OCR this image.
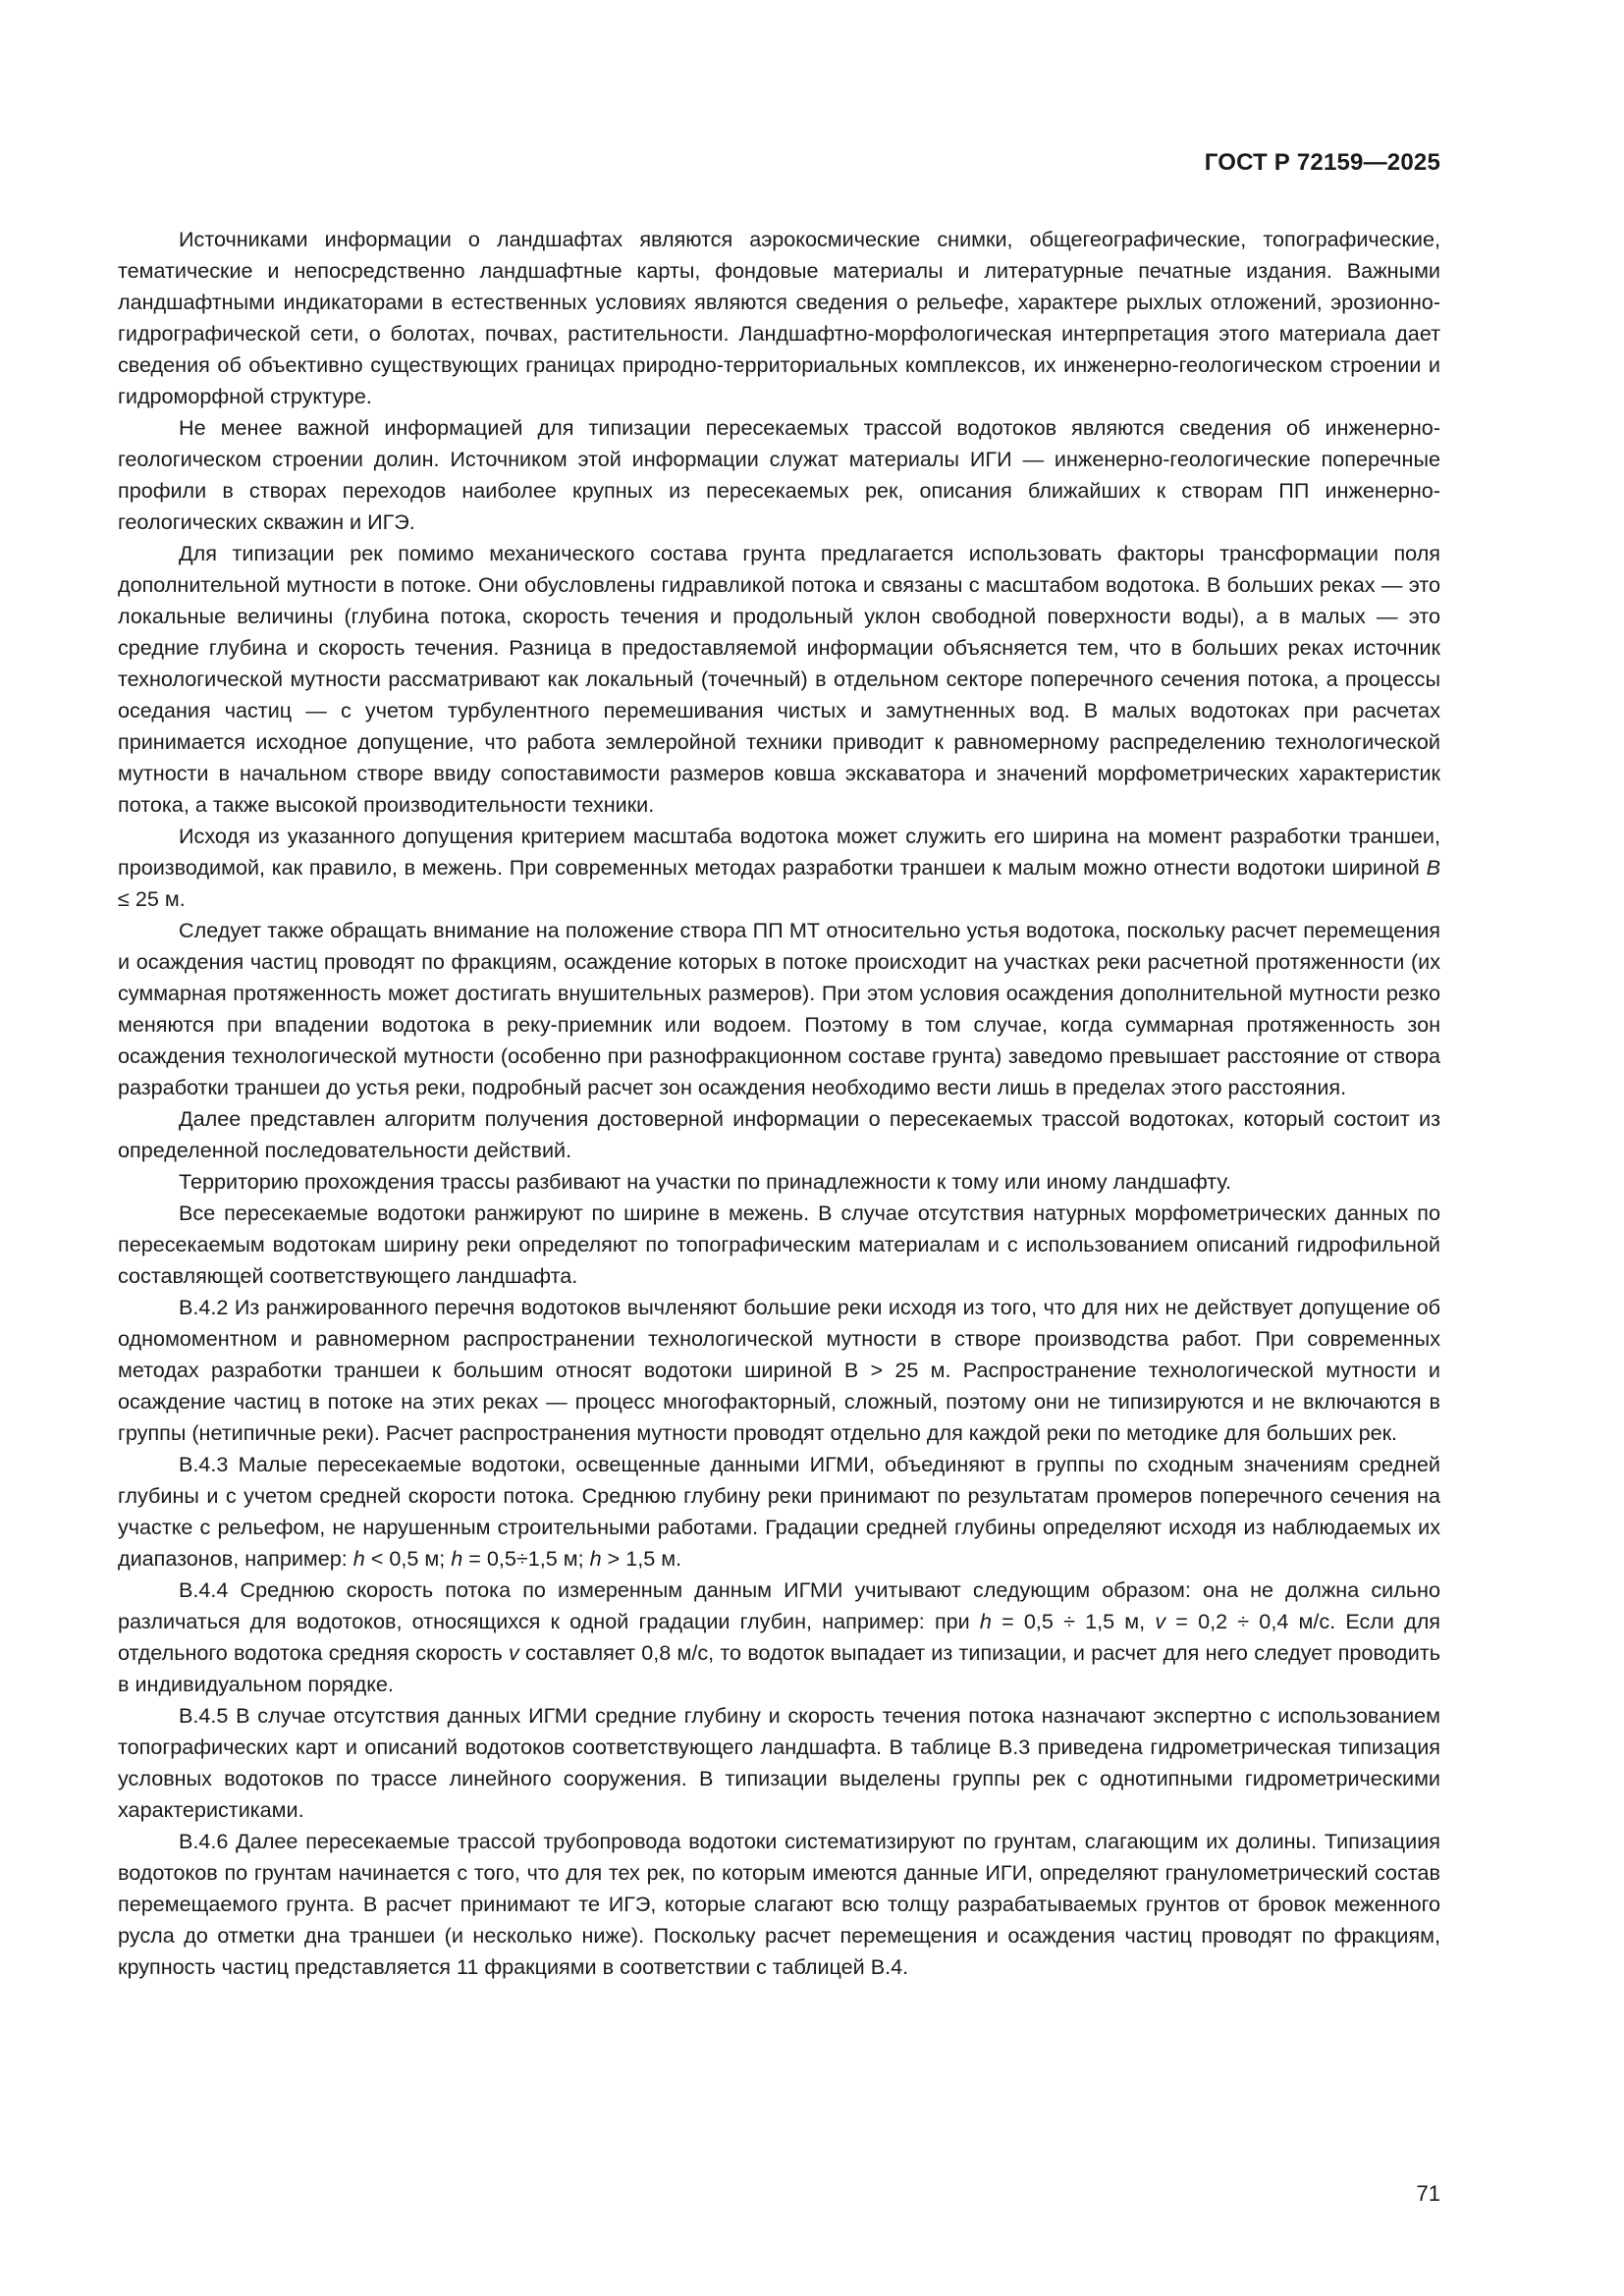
ГОСТ Р 72159—2025

Источниками информации о ландшафтах являются аэрокосмические снимки, общегеографические, топографические, тематические и непосредственно ландшафтные карты, фондовые материалы и литературные печатные издания. Важными ландшафтными индикаторами в естественных условиях являются сведения о рельефе, характере рыхлых отложений, эрозионно-гидрографической сети, о болотах, почвах, растительности. Ландшафтно-морфологическая интерпретация этого материала дает сведения об объективно существующих границах природно-территориальных комплексов, их инженерно-геологическом строении и гидроморфной структуре.

Не менее важной информацией для типизации пересекаемых трассой водотоков являются сведения об инженерно-геологическом строении долин. Источником этой информации служат материалы ИГИ — инженерно-геологические поперечные профили в створах переходов наиболее крупных из пересекаемых рек, описания ближайших к створам ПП инженерно-геологических скважин и ИГЭ.

Для типизации рек помимо механического состава грунта предлагается использовать факторы трансформации поля дополнительной мутности в потоке. Они обусловлены гидравликой потока и связаны с масштабом водотока. В больших реках — это локальные величины (глубина потока, скорость течения и продольный уклон свободной поверхности воды), а в малых — это средние глубина и скорость течения. Разница в предоставляемой информации объясняется тем, что в больших реках источник технологической мутности рассматривают как локальный (точечный) в отдельном секторе поперечного сечения потока, а процессы оседания частиц — с учетом турбулентного перемешивания чистых и замутненных вод. В малых водотоках при расчетах принимается исходное допущение, что работа землеройной техники приводит к равномерному распределению технологической мутности в начальном створе ввиду сопоставимости размеров ковша экскаватора и значений морфометрических характеристик потока, а также высокой производительности техники.

Исходя из указанного допущения критерием масштаба водотока может служить его ширина на момент разработки траншеи, производимой, как правило, в межень. При современных методах разработки траншеи к малым можно отнести водотоки шириной B ≤ 25 м.

Следует также обращать внимание на положение створа ПП МТ относительно устья водотока, поскольку расчет перемещения и осаждения частиц проводят по фракциям, осаждение которых в потоке происходит на участках реки расчетной протяженности (их суммарная протяженность может достигать внушительных размеров). При этом условия осаждения дополнительной мутности резко меняются при впадении водотока в реку-приемник или водоем. Поэтому в том случае, когда суммарная протяженность зон осаждения технологической мутности (особенно при разнофракционном составе грунта) заведомо превышает расстояние от створа разработки траншеи до устья реки, подробный расчет зон осаждения необходимо вести лишь в пределах этого расстояния.

Далее представлен алгоритм получения достоверной информации о пересекаемых трассой водотоках, который состоит из определенной последовательности действий.

Территорию прохождения трассы разбивают на участки по принадлежности к тому или иному ландшафту.

Все пересекаемые водотоки ранжируют по ширине в межень. В случае отсутствия натурных морфометрических данных по пересекаемым водотокам ширину реки определяют по топографическим материалам и с использованием описаний гидрофильной составляющей соответствующего ландшафта.

В.4.2 Из ранжированного перечня водотоков вычленяют большие реки исходя из того, что для них не действует допущение об одномоментном и равномерном распространении технологической мутности в створе производства работ. При современных методах разработки траншеи к большим относят водотоки шириной В > 25 м. Распространение технологической мутности и осаждение частиц в потоке на этих реках — процесс многофакторный, сложный, поэтому они не типизируются и не включаются в группы (нетипичные реки). Расчет распространения мутности проводят отдельно для каждой реки по методике для больших рек.

В.4.3 Малые пересекаемые водотоки, освещенные данными ИГМИ, объединяют в группы по сходным значениям средней глубины и с учетом средней скорости потока. Среднюю глубину реки принимают по результатам промеров поперечного сечения на участке с рельефом, не нарушенным строительными работами. Градации средней глубины определяют исходя из наблюдаемых их диапазонов, например: h < 0,5 м; h = 0,5÷1,5 м; h > 1,5 м.

В.4.4 Среднюю скорость потока по измеренным данным ИГМИ учитывают следующим образом: она не должна сильно различаться для водотоков, относящихся к одной градации глубин, например: при h = 0,5 ÷ 1,5 м, v = 0,2 ÷ 0,4 м/с. Если для отдельного водотока средняя скорость v составляет 0,8 м/с, то водоток выпадает из типизации, и расчет для него следует проводить в индивидуальном порядке.

В.4.5 В случае отсутствия данных ИГМИ средние глубину и скорость течения потока назначают экспертно с использованием топографических карт и описаний водотоков соответствующего ландшафта. В таблице В.3 приведена гидрометрическая типизация условных водотоков по трассе линейного сооружения. В типизации выделены группы рек с однотипными гидрометрическими характеристиками.

В.4.6 Далее пересекаемые трассой трубопровода водотоки систематизируют по грунтам, слагающим их долины. Типизациия водотоков по грунтам начинается с того, что для тех рек, по которым имеются данные ИГИ, определяют гранулометрический состав перемещаемого грунта. В расчет принимают те ИГЭ, которые слагают всю толщу разрабатываемых грунтов от бровок меженного русла до отметки дна траншеи (и несколько ниже). Поскольку расчет перемещения и осаждения частиц проводят по фракциям, крупность частиц представляется 11 фракциями в соответствии с таблицей В.4.

71
